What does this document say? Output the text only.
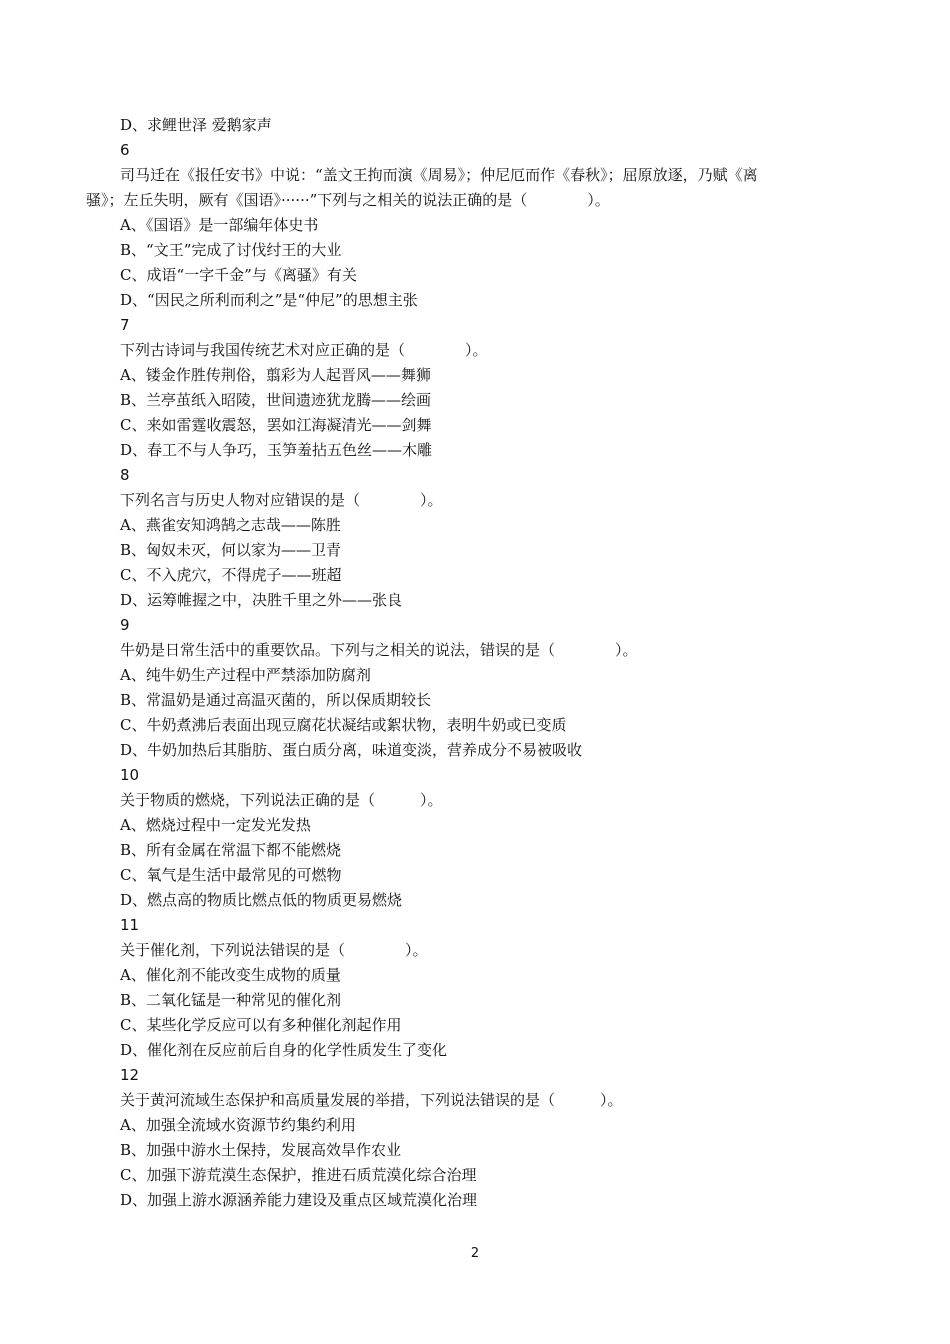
D、求鲤世泽 爱鹅家声
6
司马迁在《报任安书》中说：“盖文王拘而演《周易》；仲尼厄而作《春秋》；屈原放逐，乃赋《离
骚》；左丘失明，厥有《国语》······”下列与之相关的说法正确的是（　　　　）。
A、《国语》是一部编年体史书
B、“文王”完成了讨伐纣王的大业
C、成语“一字千金”与《离骚》有关
D、“因民之所利而利之”是“仲尼”的思想主张
7
下列古诗词与我国传统艺术对应正确的是（　　　　）。
A、镂金作胜传荆俗，翦彩为人起晋风——舞狮
B、兰亭茧纸入昭陵，世间遗迹犹龙腾——绘画
C、来如雷霆收震怒，罢如江海凝清光——剑舞
D、春工不与人争巧，玉笋羞拈五色丝——木雕
8
下列名言与历史人物对应错误的是（　　　　）。
A、燕雀安知鸿鹄之志哉——陈胜
B、匈奴未灭，何以家为——卫青
C、不入虎穴，不得虎子——班超
D、运筹帷握之中，决胜千里之外——张良
9
牛奶是日常生活中的重要饮品。下列与之相关的说法，错误的是（　　　　）。
A、纯牛奶生产过程中严禁添加防腐剂
B、常温奶是通过高温灭菌的，所以保质期较长
C、牛奶煮沸后表面出现豆腐花状凝结或絮状物，表明牛奶或已变质
D、牛奶加热后其脂肪、蛋白质分离，味道变淡，营养成分不易被吸收
10
关于物质的燃烧，下列说法正确的是（　　　）。
A、燃烧过程中一定发光发热
B、所有金属在常温下都不能燃烧
C、氧气是生活中最常见的可燃物
D、燃点高的物质比燃点低的物质更易燃烧
11
关于催化剂，下列说法错误的是（　　　　）。
A、催化剂不能改变生成物的质量
B、二氧化锰是一种常见的催化剂
C、某些化学反应可以有多种催化剂起作用
D、催化剂在反应前后自身的化学性质发生了变化
12
关于黄河流域生态保护和高质量发展的举措，下列说法错误的是（　　　）。
A、加强全流域水资源节约集约利用
B、加强中游水土保持，发展高效旱作农业
C、加强下游荒漠生态保护，推进石质荒漠化综合治理
D、加强上游水源涵养能力建设及重点区域荒漠化治理
2
